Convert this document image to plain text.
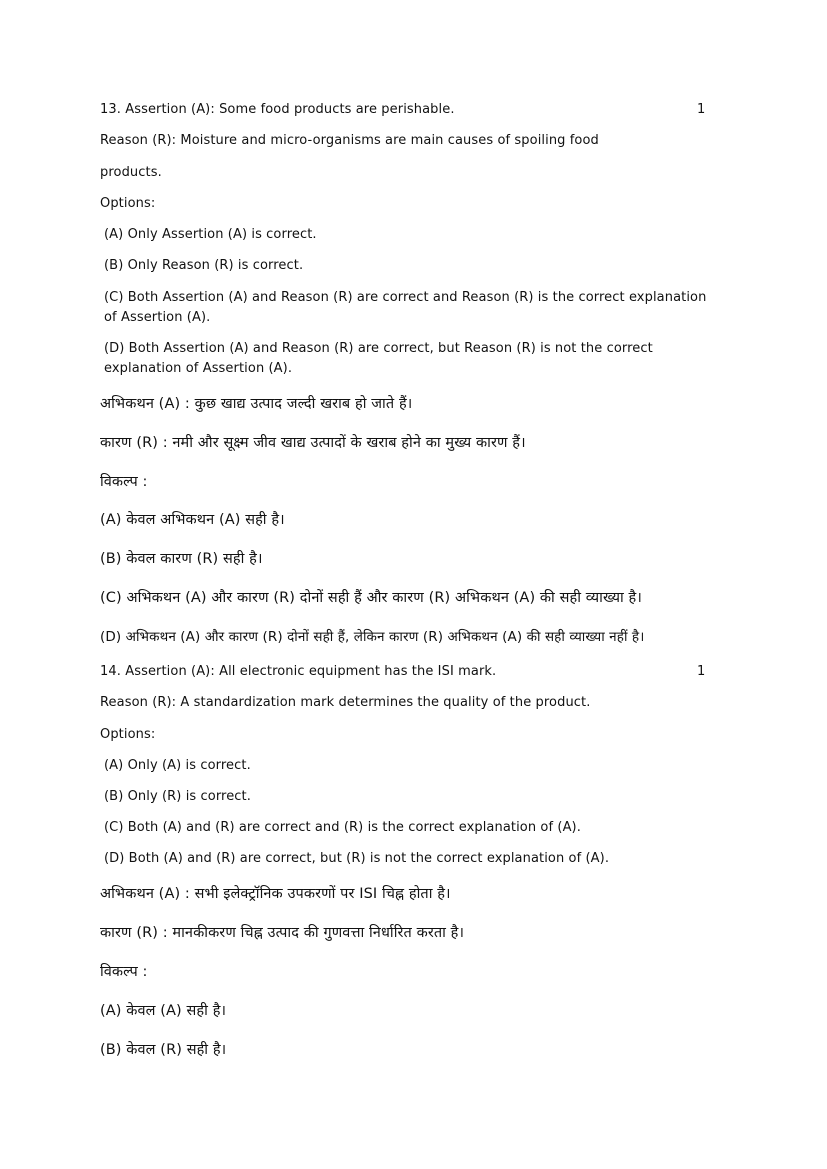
13. Assertion (A): Some food products are perishable.	1

Reason (R): Moisture and micro-organisms are main causes of spoiling food

products.

Options:

(A) Only Assertion (A) is correct.

(B) Only Reason (R) is correct.

(C) Both Assertion (A) and Reason (R) are correct and Reason (R) is the correct explanation of Assertion (A).

(D) Both Assertion (A) and Reason (R) are correct, but Reason (R) is not the correct explanation of Assertion (A).

अभिकथन (A) : कुछ खाद्य उत्पाद जल्दी खराब हो जाते हैं।

कारण (R) : नमी और सूक्ष्म जीव खाद्य उत्पादों के खराब होने का मुख्य कारण हैं।

विकल्प :

(A) केवल अभिकथन (A) सही है।

(B) केवल कारण (R) सही है।

(C) अभिकथन (A) और कारण (R) दोनों सही हैं और कारण (R) अभिकथन (A) की सही व्याख्या है।

(D) अभिकथन (A) और कारण (R) दोनों सही हैं, लेकिन कारण (R) अभिकथन (A) की सही व्याख्या नहीं है।

14. Assertion (A): All electronic equipment has the ISI mark.	1

Reason (R): A standardization mark determines the quality of the product.

Options:

(A) Only (A) is correct.

(B) Only (R) is correct.

(C) Both (A) and (R) are correct and (R) is the correct explanation of (A).

(D) Both (A) and (R) are correct, but (R) is not the correct explanation of (A).

अभिकथन (A) : सभी इलेक्ट्रॉनिक उपकरणों पर ISI चिह्न होता है।

कारण (R) : मानकीकरण चिह्न उत्पाद की गुणवत्ता निर्धारित करता है।

विकल्प :

(A) केवल (A) सही है।

(B) केवल (R) सही है।
